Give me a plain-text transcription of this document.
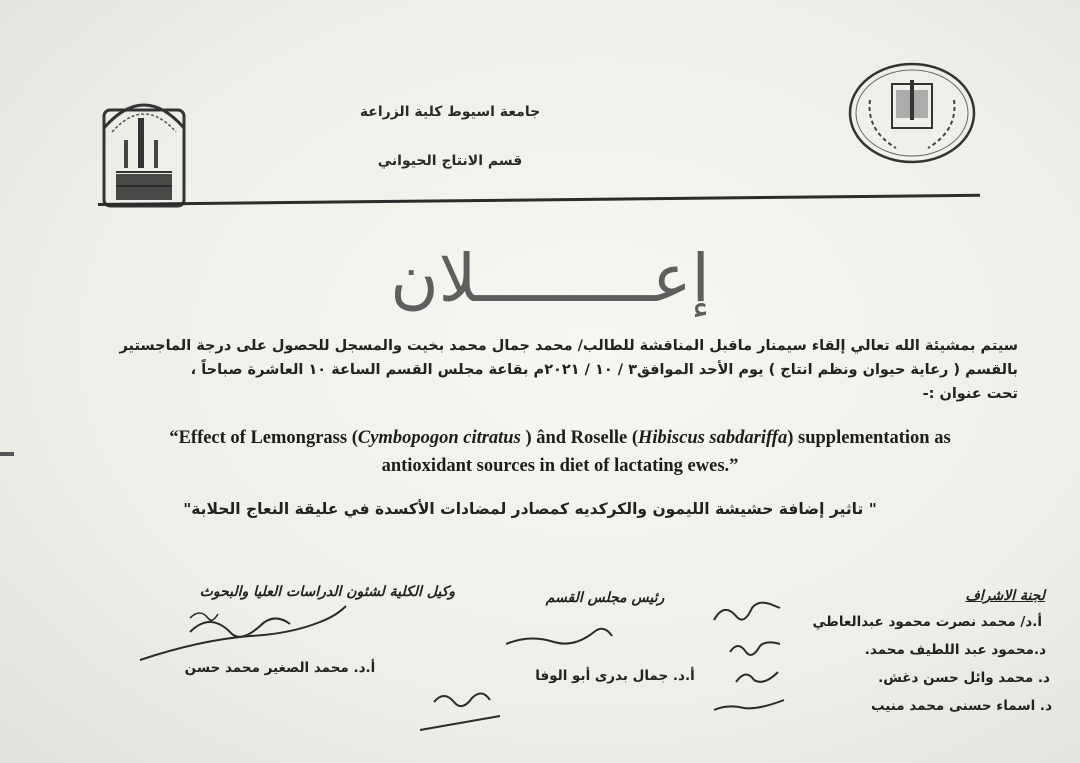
جامعة اسيوط كلية الزراعة
قسم الانتاج الحيواني
إعـــــــــلان
سيتم بمشيئة الله تعالي إلقاء سيمنار ماقبل المناقشة للطالب/ محمد جمال محمد بخيت والمسجل للحصول على درجة الماجستير
بالقسم ( رعاية حيوان ونظم انتاج ) يوم الأحد الموافق٣ / ١٠ / ٢٠٢١م بقاعة مجلس القسم الساعة ١٠ العاشرة صباحاً ،
تحت عنوان :-
“Effect of Lemongrass (Cymbopogon citratus ) ând Roselle (Hibiscus sabdariffa) supplementation as
antioxidant sources in diet of lactating ewes.”
" تاثير إضافة حشيشة الليمون والكركديه كمصادر لمضادات الأكسدة في عليقة النعاج الحلابة"
لجنة الاشراف
رئيس مجلس القسم
وكيل الكلية لشئون الدراسات العليا والبحوث
أ.د/ محمد نصرت محمود عبدالعاطي
د.محمود عبد اللطيف محمد.
د. محمد وائل حسن دغش.
د. اسماء حسنى محمد منيب
أ.د. جمال بدرى أبو الوفا
أ.د. محمد الصغير محمد حسن
